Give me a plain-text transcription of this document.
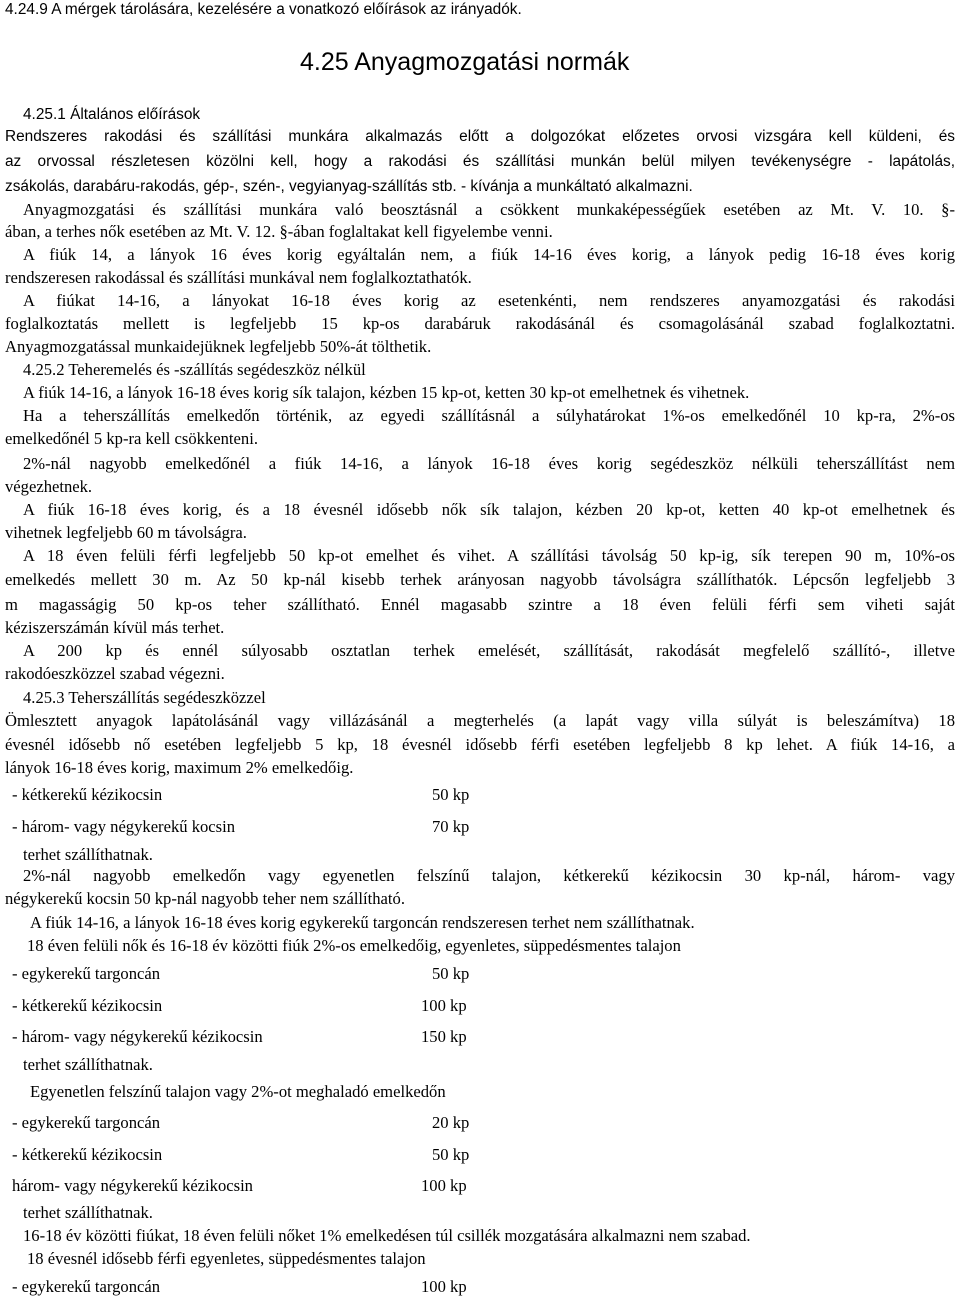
4.24.9 A mérgek tárolására, kezelésére a vonatkozó előírások az irányadók.
4.25 Anyagmozgatási normák
4.25.1 Általános előírások
Rendszeres rakodási és szállítási munkára alkalmazás előtt a dolgozókat előzetes orvosi vizsgára kell küldeni, és
az orvossal részletesen közölni kell, hogy a rakodási és szállítási munkán belül milyen tevékenységre - lapátolás,
zsákolás, darabáru-rakodás, gép-, szén-, vegyianyag-szállítás stb. - kívánja a munkáltató alkalmazni.
Anyagmozgatási és szállítási munkára való beosztásnál a csökkent munkaképességűek esetében az Mt. V. 10. §-
ában, a terhes nők esetében az Mt. V. 12. §-ában foglaltakat kell figyelembe venni.
A fiúk 14, a lányok 16 éves korig egyáltalán nem, a fiúk 14-16 éves korig, a lányok pedig 16-18 éves korig
rendszeresen rakodással és szállítási munkával nem foglalkoztathatók.
A fiúkat 14-16, a lányokat 16-18 éves korig az esetenkénti, nem rendszeres anyamozgatási és rakodási
foglalkoztatás mellett is legfeljebb 15 kp-os darabáruk rakodásánál és csomagolásánál szabad foglalkoztatni.
Anyagmozgatással munkaidejüknek legfeljebb 50%-át tölthetik.
4.25.2 Teheremelés és -szállítás segédeszköz nélkül
A fiúk 14-16, a lányok 16-18 éves korig sík talajon, kézben 15 kp-ot, ketten 30 kp-ot emelhetnek és vihetnek.
Ha a teherszállítás emelkedőn történik, az egyedi szállításnál a súlyhatárokat 1%-os emelkedőnél 10 kp-ra, 2%-os
emelkedőnél 5 kp-ra kell csökkenteni.
2%-nál nagyobb emelkedőnél a fiúk 14-16, a lányok 16-18 éves korig segédeszköz nélküli teherszállítást nem
végezhetnek.
A fiúk 16-18 éves korig, és a 18 évesnél idősebb nők sík talajon, kézben 20 kp-ot, ketten 40 kp-ot emelhetnek és
vihetnek legfeljebb 60 m távolságra.
A 18 éven felüli férfi legfeljebb 50 kp-ot emelhet és vihet. A szállítási távolság 50 kp-ig, sík terepen 90 m, 10%-os
emelkedés mellett 30 m. Az 50 kp-nál kisebb terhek arányosan nagyobb távolságra szállíthatók. Lépcsőn legfeljebb 3
m magasságig 50 kp-os teher szállítható. Ennél magasabb szintre a 18 éven felüli férfi sem viheti saját
kéziszerszámán kívül más terhet.
A 200 kp és ennél súlyosabb osztatlan terhek emelését, szállítását, rakodását megfelelő szállító-, illetve
rakodóeszközzel szabad végezni.
4.25.3 Teherszállítás segédeszközzel
Ömlesztett anyagok lapátolásánál vagy villázásánál a megterhelés (a lapát vagy villa súlyát is beleszámítva) 18
évesnél idősebb nő esetében legfeljebb 5 kp, 18 évesnél idősebb férfi esetében legfeljebb 8 kp lehet. A fiúk 14-16, a
lányok 16-18 éves korig, maximum 2% emelkedőig.
- kétkerekű kézikocsin	50 kp
- három- vagy négykerekű kocsin	70 kp
terhet szállíthatnak.
2%-nál nagyobb emelkedőn vagy egyenetlen felszínű talajon, kétkerekű kézikocsin 30 kp-nál, három- vagy
négykerekű kocsin 50 kp-nál nagyobb teher nem szállítható.
A fiúk 14-16, a lányok 16-18 éves korig egykerekű targoncán rendszeresen terhet nem szállíthatnak.
18 éven felüli nők és 16-18 év közötti fiúk 2%-os emelkedőig, egyenletes, süppedésmentes talajon
- egykerekű targoncán	50 kp
- kétkerekű kézikocsin	100 kp
- három- vagy négykerekű kézikocsin	150 kp
terhet szállíthatnak.
Egyenetlen felszínű talajon vagy 2%-ot meghaladó emelkedőn
- egykerekű targoncán	20 kp
- kétkerekű kézikocsin	50 kp
három- vagy négykerekű kézikocsin	100 kp
terhet szállíthatnak.
16-18 év közötti fiúkat, 18 éven felüli nőket 1% emelkedésen túl csillék mozgatására alkalmazni nem szabad.
18 évesnél idősebb férfi egyenletes, süppedésmentes talajon
- egykerekű targoncán	100 kp
